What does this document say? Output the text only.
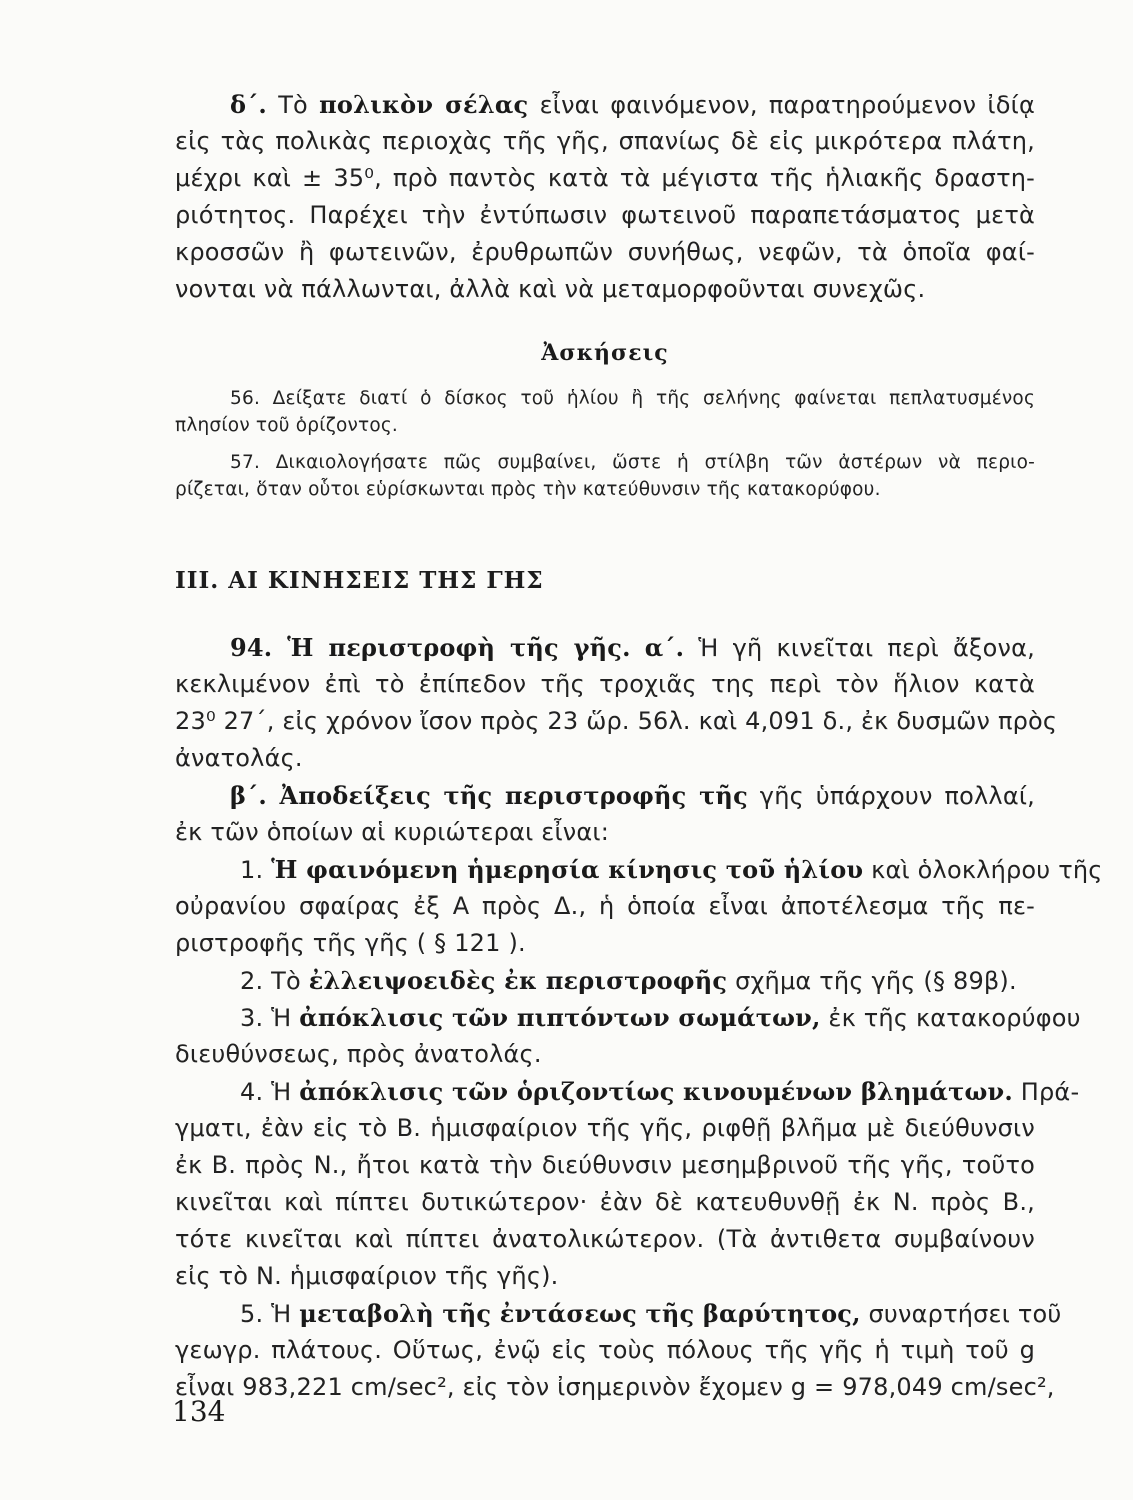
δ΄. Τὸ πολικὸν σέλας εἶναι φαινόμενον, παρατηρούμενον ἰδίᾳ
εἰς τὰς πολικὰς περιοχὰς τῆς γῆς, σπανίως δὲ εἰς μικρότερα πλάτη,
μέχρι καὶ ± 35⁰, πρὸ παντὸς κατὰ τὰ μέγιστα τῆς ἡλιακῆς δραστη-
ριότητος. Παρέχει τὴν ἐντύπωσιν φωτεινοῦ παραπετάσματος μετὰ
κροσσῶν ἢ φωτεινῶν, ἐρυθρωπῶν συνήθως, νεφῶν, τὰ ὁποῖα φαί-
νονται νὰ πάλλωνται, ἀλλὰ καὶ νὰ μεταμορφοῦνται συνεχῶς.
Ἀσκήσεις
56. Δείξατε διατί ὁ δίσκος τοῦ ἡλίου ἢ τῆς σελήνης φαίνεται πεπλατυσμένος
πλησίον τοῦ ὁρίζοντος.
57. Δικαιολογήσατε πῶς συμβαίνει, ὥστε ἡ στίλβη τῶν ἀστέρων νὰ περιο-
ρίζεται, ὅταν οὗτοι εὑρίσκωνται πρὸς τὴν κατεύθυνσιν τῆς κατακορύφου.
III. ΑΙ ΚΙΝΗΣΕΙΣ ΤΗΣ ΓΗΣ
94. Ἡ περιστροφὴ τῆς γῆς. α΄. Ἡ γῆ κινεῖται περὶ ἄξονα,
κεκλιμένον ἐπὶ τὸ ἐπίπεδον τῆς τροχιᾶς της περὶ τὸν ἥλιον κατὰ
23⁰ 27΄, εἰς χρόνον ἴσον πρὸς 23 ὥρ. 56λ. καὶ 4,091 δ., ἐκ δυσμῶν πρὸς
ἀνατολάς.
β΄. Ἀποδείξεις τῆς περιστροφῆς τῆς γῆς ὑπάρχουν πολλαί,
ἐκ τῶν ὁποίων αἱ κυριώτεραι εἶναι:
1. Ἡ φαινόμενη ἡμερησία κίνησις τοῦ ἡλίου καὶ ὁλοκλήρου τῆς
οὐρανίου σφαίρας ἐξ Α πρὸς Δ., ἡ ὁποία εἶναι ἀποτέλεσμα τῆς πε-
ριστροφῆς τῆς γῆς ( § 121 ).
2. Τὸ ἐλλειψοειδὲς ἐκ περιστροφῆς σχῆμα τῆς γῆς (§ 89β).
3. Ἡ ἀπόκλισις τῶν πιπτόντων σωμάτων, ἐκ τῆς κατακορύφου
διευθύνσεως, πρὸς ἀνατολάς.
4. Ἡ ἀπόκλισις τῶν ὁριζοντίως κινουμένων βλημάτων. Πρά-
γματι, ἐὰν εἰς τὸ Β. ἡμισφαίριον τῆς γῆς, ριφθῇ βλῆμα μὲ διεύθυνσιν
ἐκ Β. πρὸς Ν., ἤτοι κατὰ τὴν διεύθυνσιν μεσημβρινοῦ τῆς γῆς, τοῦτο
κινεῖται καὶ πίπτει δυτικώτερον· ἐὰν δὲ κατευθυνθῇ ἐκ Ν. πρὸς Β.,
τότε κινεῖται καὶ πίπτει ἀνατολικώτερον. (Τὰ ἀντιθετα συμβαίνουν
εἰς τὸ Ν. ἡμισφαίριον τῆς γῆς).
5. Ἡ μεταβολὴ τῆς ἐντάσεως τῆς βαρύτητος, συναρτήσει τοῦ
γεωγρ. πλάτους. Οὕτως, ἐνῷ εἰς τοὺς πόλους τῆς γῆς ἡ τιμὴ τοῦ g
εἶναι 983,221 cm/sec², εἰς τὸν ἰσημερινὸν ἔχομεν g = 978,049 cm/sec²,
134
